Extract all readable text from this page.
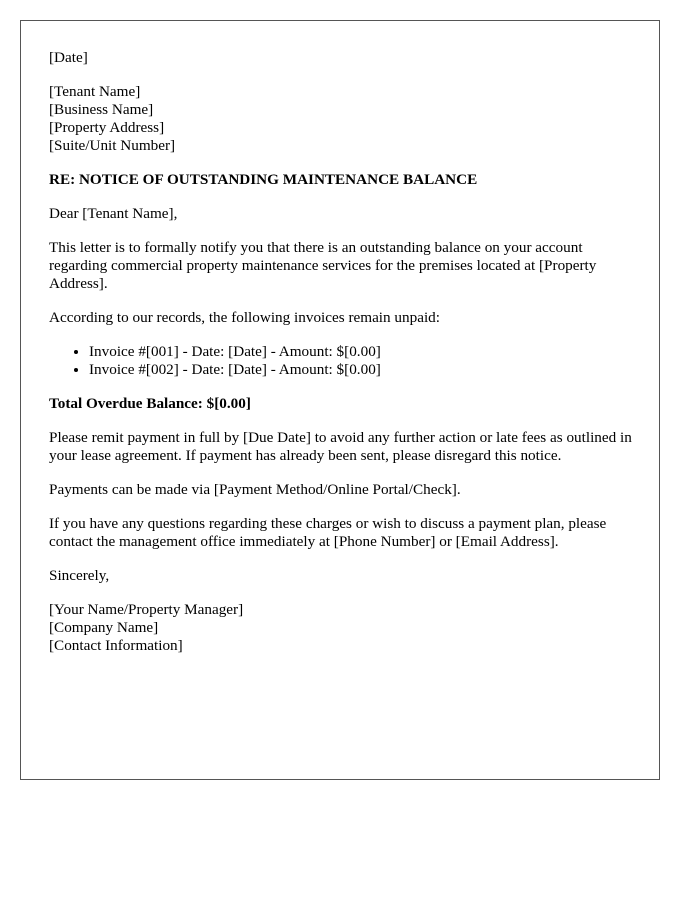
[Date]

[Tenant Name]
[Business Name]
[Property Address]
[Suite/Unit Number]

RE: NOTICE OF OUTSTANDING MAINTENANCE BALANCE

Dear [Tenant Name],

This letter is to formally notify you that there is an outstanding balance on your account regarding commercial property maintenance services for the premises located at [Property Address].

According to our records, the following invoices remain unpaid:

• Invoice #[001] - Date: [Date] - Amount: $[0.00]
• Invoice #[002] - Date: [Date] - Amount: $[0.00]

Total Overdue Balance: $[0.00]

Please remit payment in full by [Due Date] to avoid any further action or late fees as outlined in your lease agreement. If payment has already been sent, please disregard this notice.

Payments can be made via [Payment Method/Online Portal/Check].

If you have any questions regarding these charges or wish to discuss a payment plan, please contact the management office immediately at [Phone Number] or [Email Address].

Sincerely,

[Your Name/Property Manager]
[Company Name]
[Contact Information]
